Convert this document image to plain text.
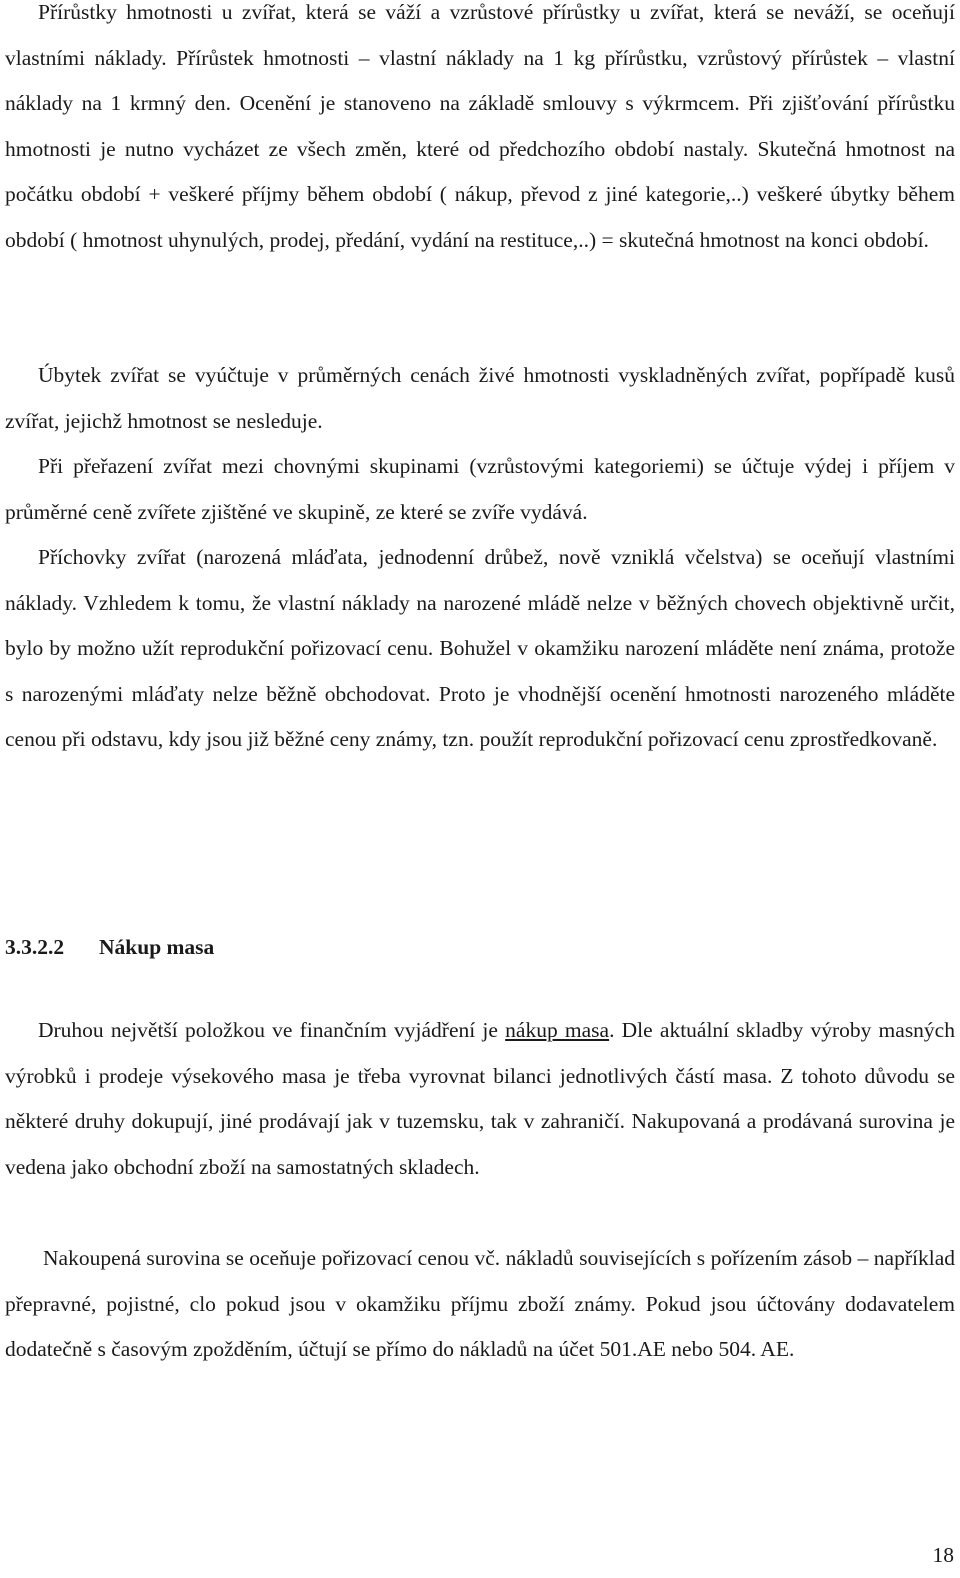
Přírůstky hmotnosti u zvířat, která se váží a vzrůstové přírůstky u zvířat, která se neváží, se oceňují vlastními náklady. Přírůstek hmotnosti – vlastní náklady na 1 kg přírůstku, vzrůstový přírůstek – vlastní náklady na 1 krmný den. Ocenění je stanoveno na základě smlouvy s výkrmcem. Při zjišťování přírůstku hmotnosti je nutno vycházet ze všech změn, které od předchozího období nastaly. Skutečná hmotnost na počátku období + veškeré příjmy během období ( nákup, převod z jiné kategorie,..) veškeré úbytky během období ( hmotnost uhynulých, prodej, předání, vydání na restituce,..) = skutečná hmotnost na konci období.

Úbytek zvířat se vyúčtuje v průměrných cenách živé hmotnosti vyskladněných zvířat, popřípadě kusů zvířat, jejichž hmotnost se nesleduje.

Při přeřazení zvířat mezi chovnými skupinami (vzrůstovými kategoriemi) se účtuje výdej i příjem v průměrné ceně zvířete zjištěné ve skupině, ze které se zvíře vydává.

Příchovky zvířat (narozená mláďata, jednodenní drůbež, nově vzniklá včelstva) se oceňují vlastními náklady. Vzhledem k tomu, že vlastní náklady na narozené mládě nelze v běžných chovech objektivně určit, bylo by možno užít reprodukční pořizovací cenu. Bohužel v okamžiku narození mláděte není známa, protože s narozenými mláďaty nelze běžně obchodovat. Proto je vhodnější ocenění hmotnosti narozeného mláděte cenou při odstavu, kdy jsou již běžné ceny známy, tzn. použít reprodukční pořizovací cenu zprostředkovaně.

3.3.2.2 Nákup masa

Druhou největší položkou ve finančním vyjádření je nákup masa. Dle aktuální skladby výroby masných výrobků i prodeje výsekového masa je třeba vyrovnat bilanci jednotlivých částí masa. Z tohoto důvodu se některé druhy dokupují, jiné prodávají jak v tuzemsku, tak v zahraničí. Nakupovaná a prodávaná surovina je vedena jako obchodní zboží na samostatných skladech.

Nakoupená surovina se oceňuje pořizovací cenou vč. nákladů souvisejících s pořízením zásob – například přepravné, pojistné, clo pokud jsou v okamžiku příjmu zboží známy. Pokud jsou účtovány dodavatelem dodatečně s časovým zpožděním, účtují se přímo do nákladů na účet 501.AE nebo 504. AE.

18
